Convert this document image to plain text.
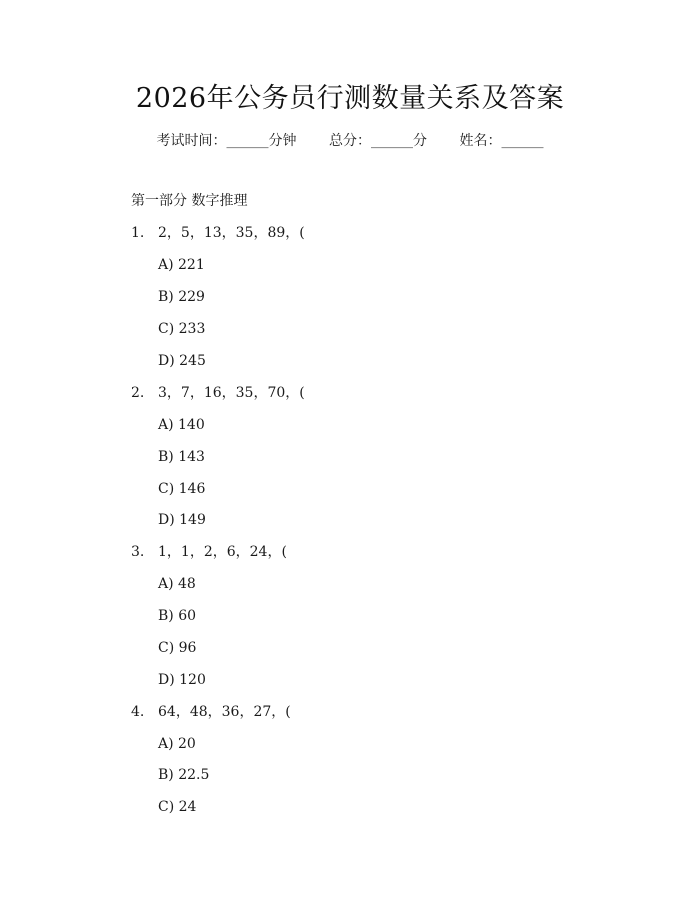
2026年公务员行测数量关系及答案
考试时间：______分钟 总分：______分 姓名：______
第一部分 数字推理
1. 2，5，13，35，89，(
A) 221
B) 229
C) 233
D) 245
2. 3，7，16，35，70，(
A) 140
B) 143
C) 146
D) 149
3. 1，1，2，6，24，(
A) 48
B) 60
C) 96
D) 120
4. 64，48，36，27，(
A) 20
B) 22.5
C) 24
